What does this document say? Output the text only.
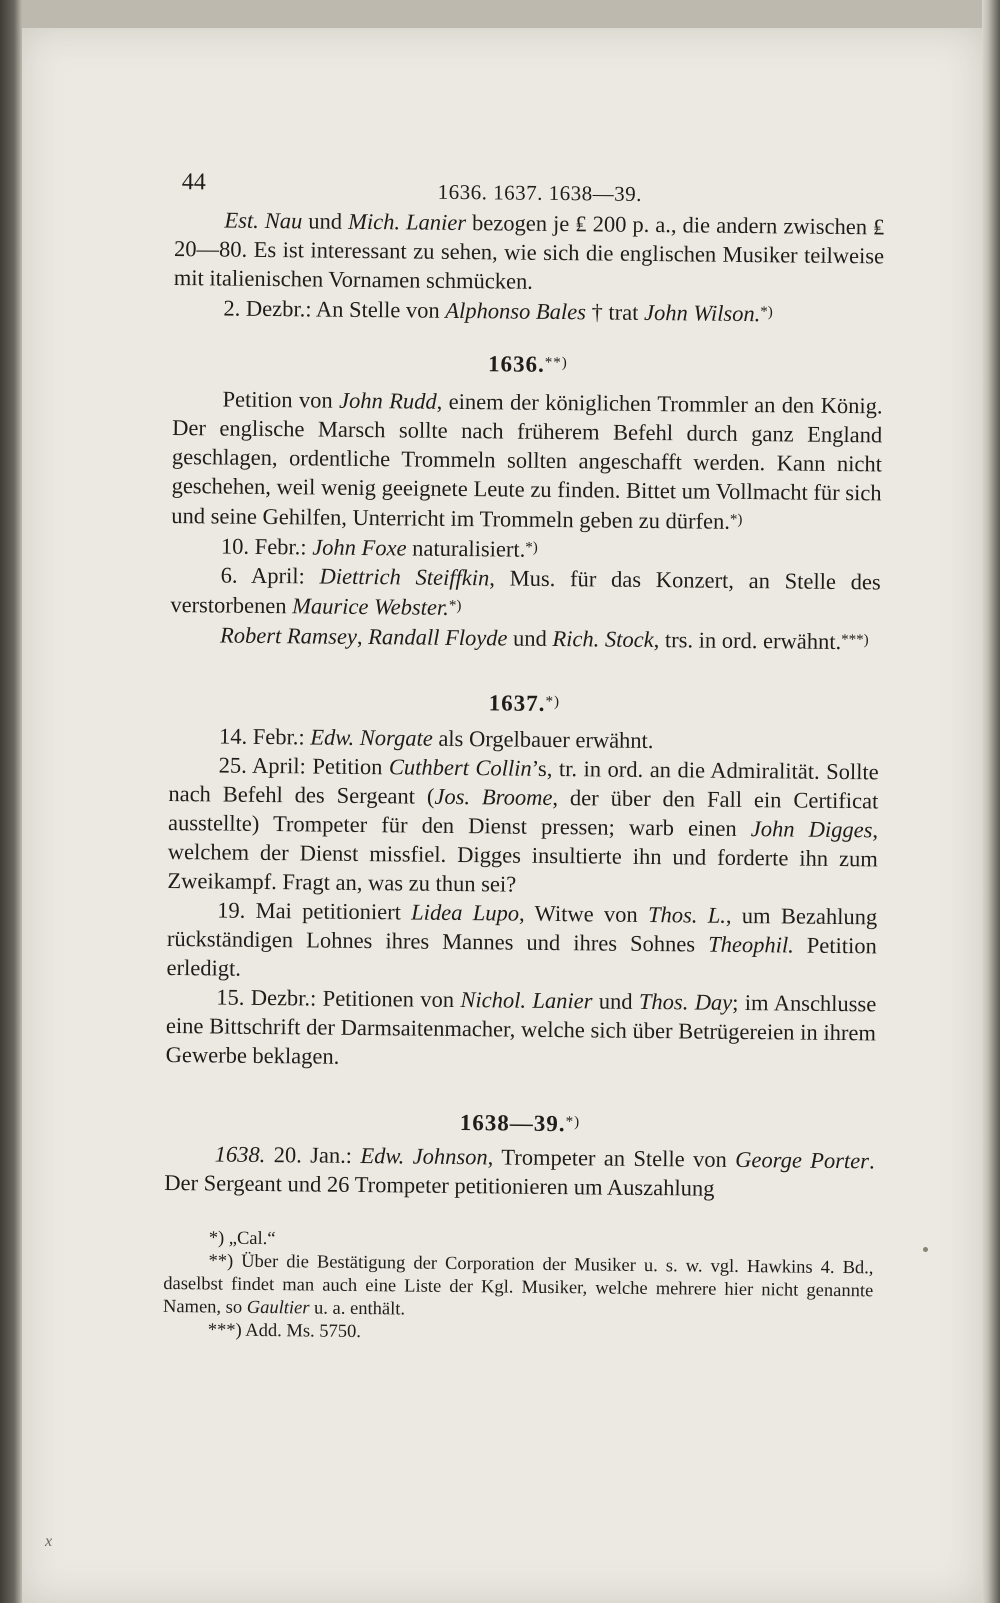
44	1636. 1637. 1638—39.

Est. Nau und Mich. Lanier bezogen je ₤ 200 p. a., die andern zwischen ₤ 20—80. Es ist interessant zu sehen, wie sich die englischen Musiker teilweise mit italienischen Vornamen schmücken.

2. Dezbr.: An Stelle von Alphonso Bales † trat John Wilson.*)

1636.**)

Petition von John Rudd, einem der königlichen Trommler an den König. Der englische Marsch sollte nach früherem Befehl durch ganz England geschlagen, ordentliche Trommeln sollten angeschafft werden. Kann nicht geschehen, weil wenig geeignete Leute zu finden. Bittet um Vollmacht für sich und seine Gehilfen, Unterricht im Trommeln geben zu dürfen.*)

10. Febr.: John Foxe naturalisiert.*)

6. April: Diettrich Steiffkin, Mus. für das Konzert, an Stelle des verstorbenen Maurice Webster.*)

Robert Ramsey, Randall Floyde und Rich. Stock, trs. in ord. erwähnt.***)

1637.*)

14. Febr.: Edw. Norgate als Orgelbauer erwähnt.

25. April: Petition Cuthbert Collin’s, tr. in ord. an die Admiralität. Sollte nach Befehl des Sergeant (Jos. Broome, der über den Fall ein Certificat ausstellte) Trompeter für den Dienst pressen; warb einen John Digges, welchem der Dienst missfiel. Digges insultierte ihn und forderte ihn zum Zweikampf. Fragt an, was zu thun sei?

19. Mai petitioniert Lidea Lupo, Witwe von Thos. L., um Bezahlung rückständigen Lohnes ihres Mannes und ihres Sohnes Theophil. Petition erledigt.

15. Dezbr.: Petitionen von Nichol. Lanier und Thos. Day; im Anschlusse eine Bittschrift der Darmsaitenmacher, welche sich über Betrügereien in ihrem Gewerbe beklagen.

1638—39.*)

1638. 20. Jan.: Edw. Johnson, Trompeter an Stelle von George Porter. Der Sergeant und 26 Trompeter petitionieren um Auszahlung

*) „Cal.“

**) Über die Bestätigung der Corporation der Musiker u. s. w. vgl. Hawkins 4. Bd., daselbst findet man auch eine Liste der Kgl. Musiker, welche mehrere hier nicht genannte Namen, so Gaultier u. a. enthält.

***) Add. Ms. 5750.

x
